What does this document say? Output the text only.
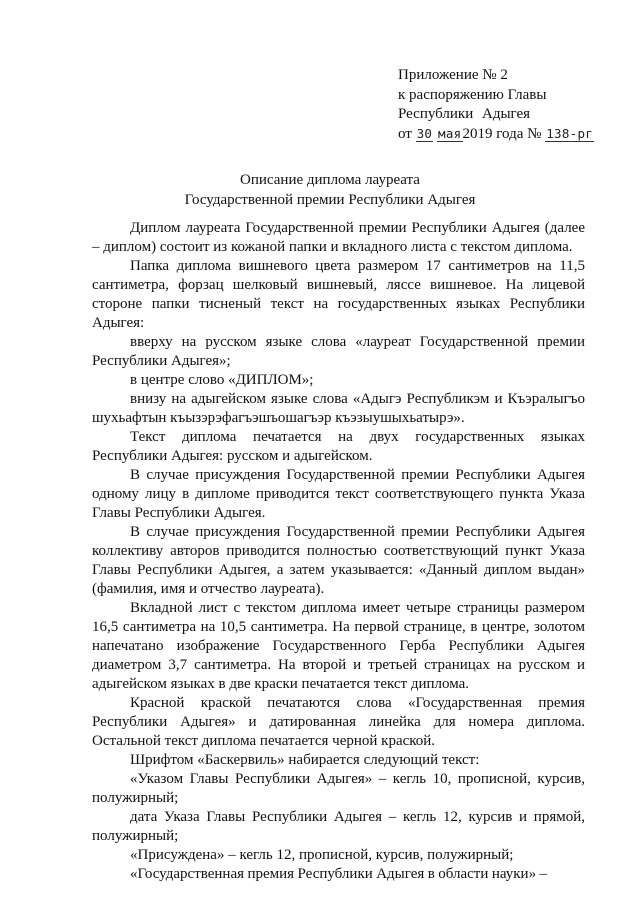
Приложение № 2
к распоряжению Главы
Республики Адыгея
от 30 мая2019 года № 138-рг
Описание диплома лауреата
Государственной премии Республики Адыгея

Диплом лауреата Государственной премии Республики Адыгея (далее – диплом) состоит из кожаной папки и вкладного листа с текстом диплома.

Папка диплома вишневого цвета размером 17 сантиметров на 11,5 сантиметра, форзац шелковый вишневый, ляссе вишневое. На лицевой стороне папки тисненый текст на государственных языках Республики Адыгея:

вверху на русском языке слова «лауреат Государственной премии Республики Адыгея»;

в центре слово «ДИПЛОМ»;

внизу на адыгейском языке слова «Адыгэ Республикэм и Къэралыгъо шухьафтын къызэрэфагъэшъошагъэр къэзыушыхьатырэ».

Текст диплома печатается на двух государственных языках Республики Адыгея: русском и адыгейском.

В случае присуждения Государственной премии Республики Адыгея одному лицу в дипломе приводится текст соответствующего пункта Указа Главы Республики Адыгея.

В случае присуждения Государственной премии Республики Адыгея коллективу авторов приводится полностью соответствующий пункт Указа Главы Республики Адыгея, а затем указывается: «Данный диплом выдан» (фамилия, имя и отчество лауреата).

Вкладной лист с текстом диплома имеет четыре страницы размером 16,5 сантиметра на 10,5 сантиметра. На первой странице, в центре, золотом напечатано изображение Государственного Герба Республики Адыгея диаметром 3,7 сантиметра. На второй и третьей страницах на русском и адыгейском языках в две краски печатается текст диплома.

Красной краской печатаются слова «Государственная премия Республики Адыгея» и датированная линейка для номера диплома. Остальной текст диплома печатается черной краской.

Шрифтом «Баскервиль» набирается следующий текст:

«Указом Главы Республики Адыгея» – кегль 10, прописной, курсив, полужирный;

дата Указа Главы Республики Адыгея – кегль 12, курсив и прямой, полужирный;

«Присуждена» – кегль 12, прописной, курсив, полужирный;

«Государственная премия Республики Адыгея в области науки» –
